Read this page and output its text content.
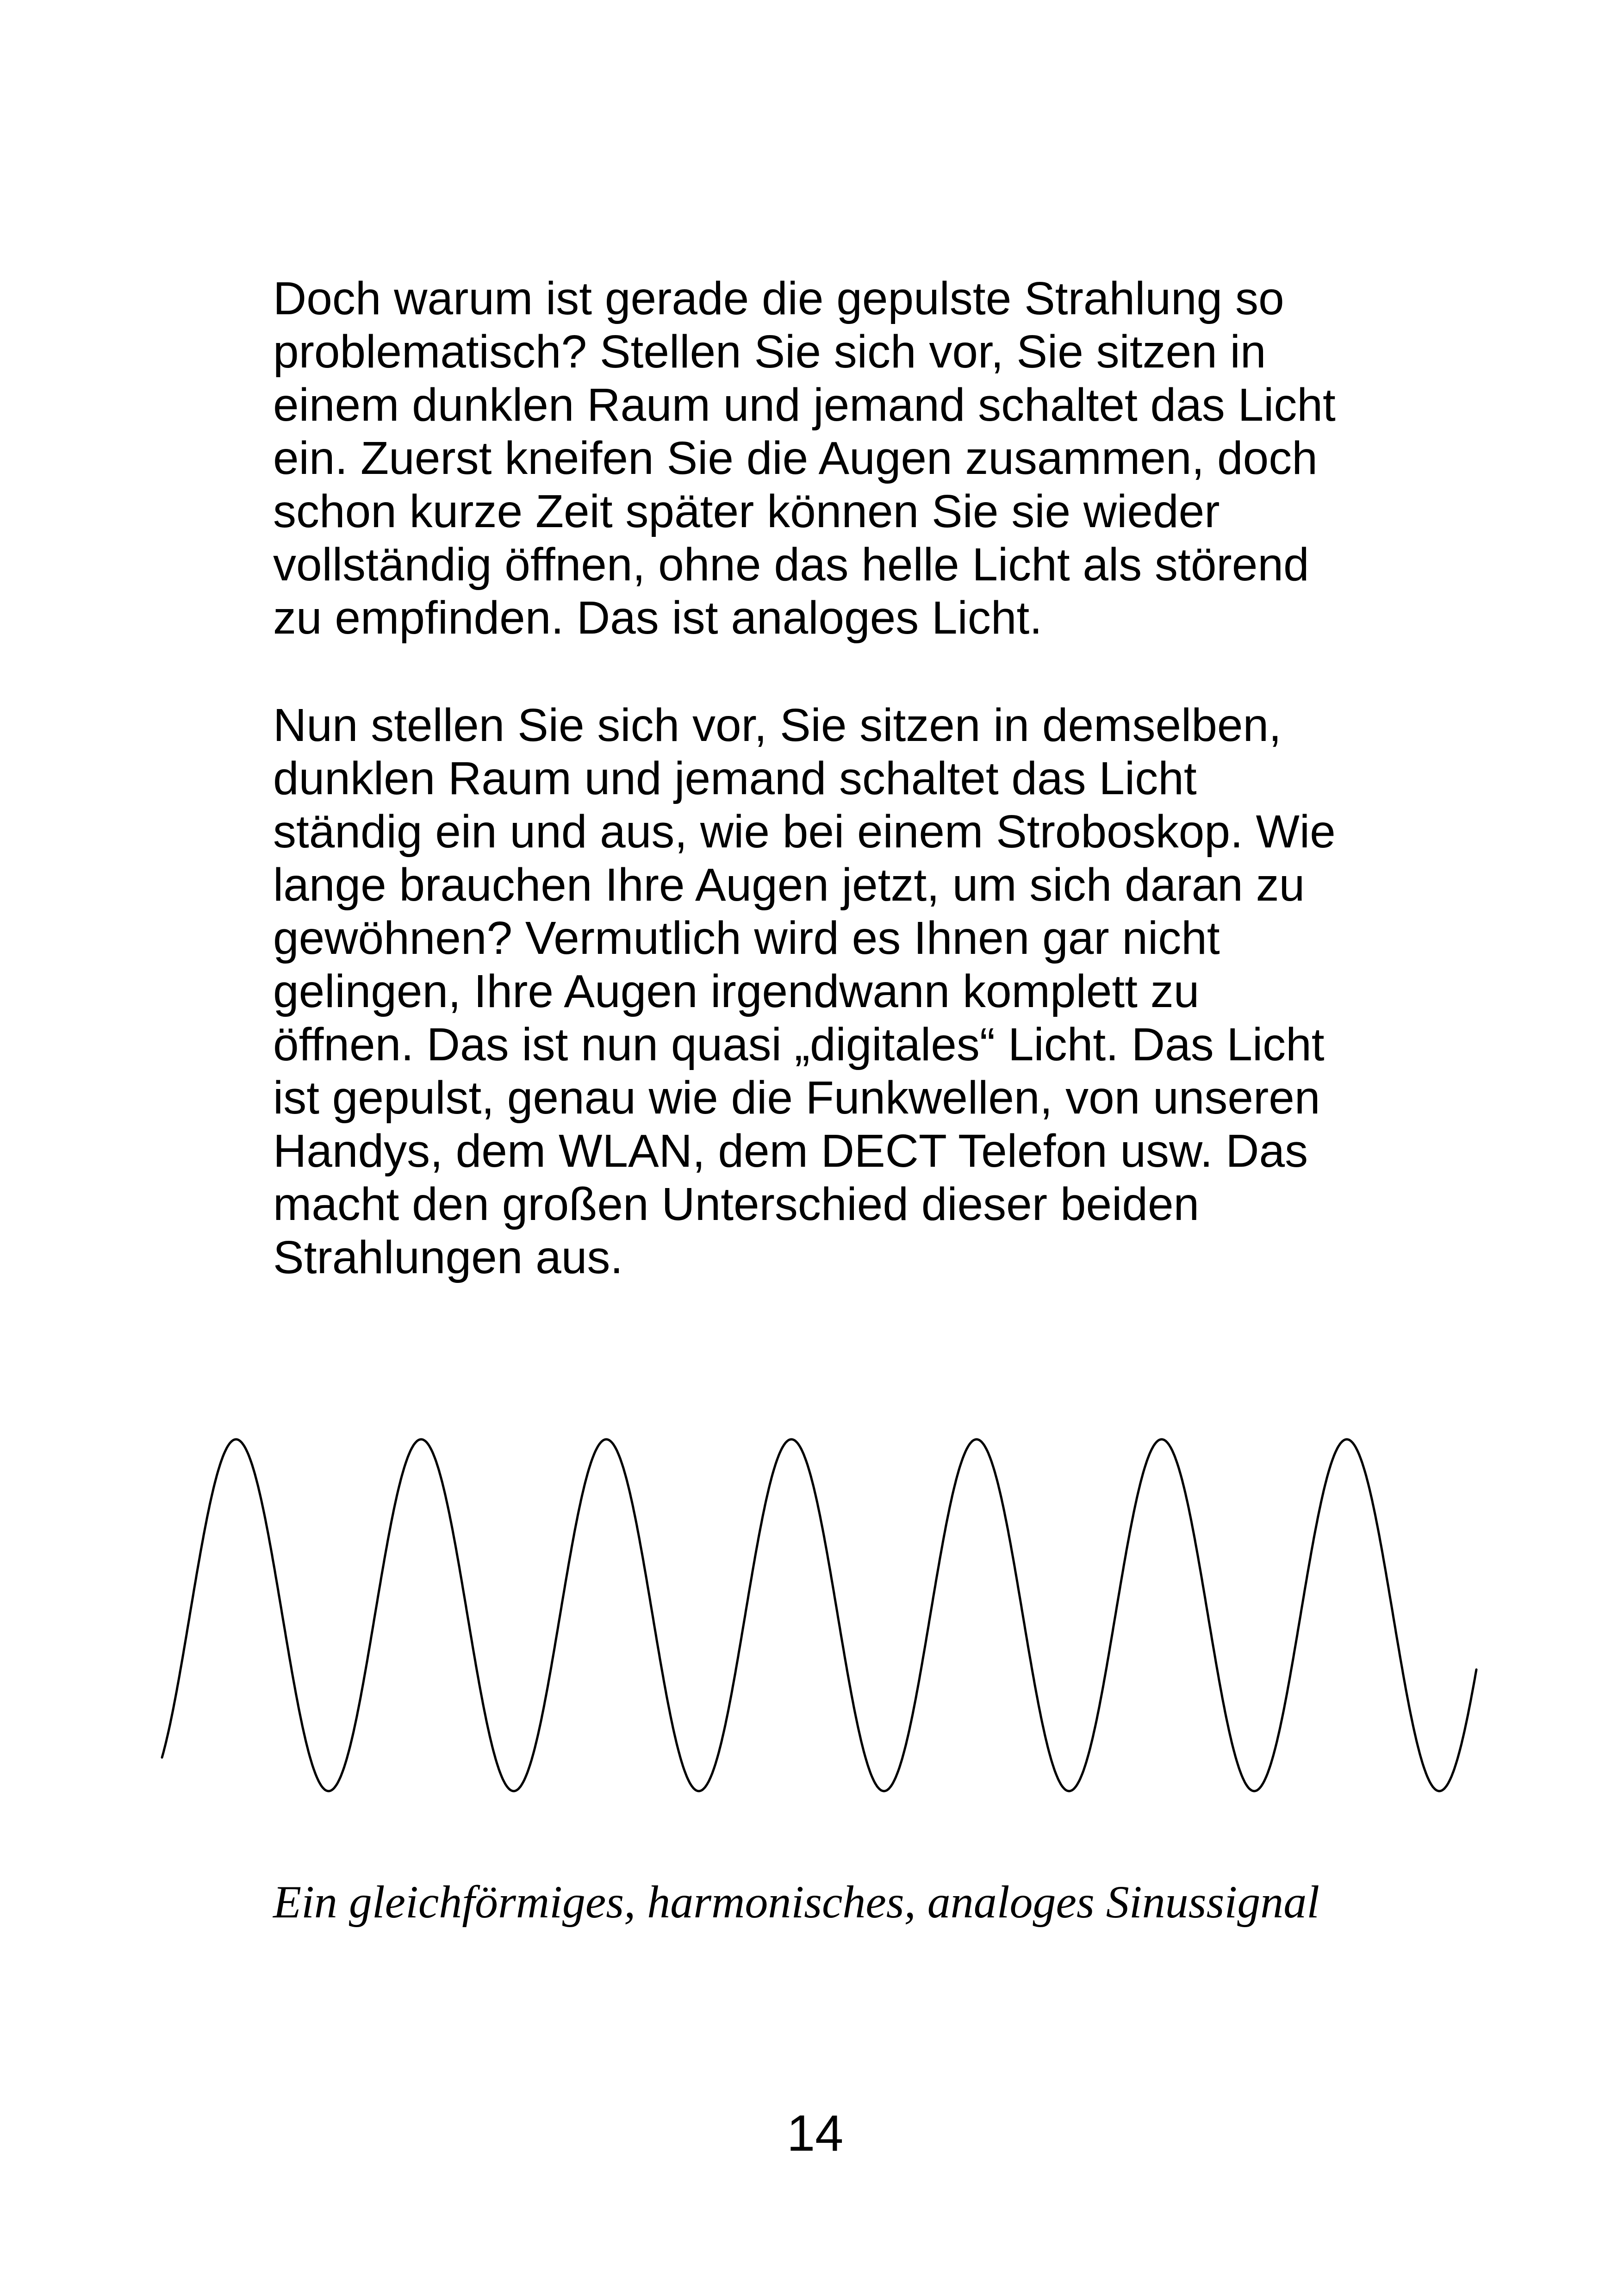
Doch warum ist gerade die gepulste Strahlung so
problematisch? Stellen Sie sich vor, Sie sitzen in
einem dunklen Raum und jemand schaltet das Licht
ein. Zuerst kneifen Sie die Augen zusammen, doch
schon kurze Zeit später können Sie sie wieder
vollständig öffnen, ohne das helle Licht als störend
zu empfinden. Das ist analoges Licht.

Nun stellen Sie sich vor, Sie sitzen in demselben,
dunklen Raum und jemand schaltet das Licht
ständig ein und aus, wie bei einem Stroboskop. Wie
lange brauchen Ihre Augen jetzt, um sich daran zu
gewöhnen? Vermutlich wird es Ihnen gar nicht
gelingen, Ihre Augen irgendwann komplett zu
öffnen. Das ist nun quasi „digitales“ Licht. Das Licht
ist gepulst, genau wie die Funkwellen, von unseren
Handys, dem WLAN, dem DECT Telefon usw. Das
macht den großen Unterschied dieser beiden
Strahlungen aus.

Ein gleichförmiges, harmonisches, analoges Sinussignal

14
